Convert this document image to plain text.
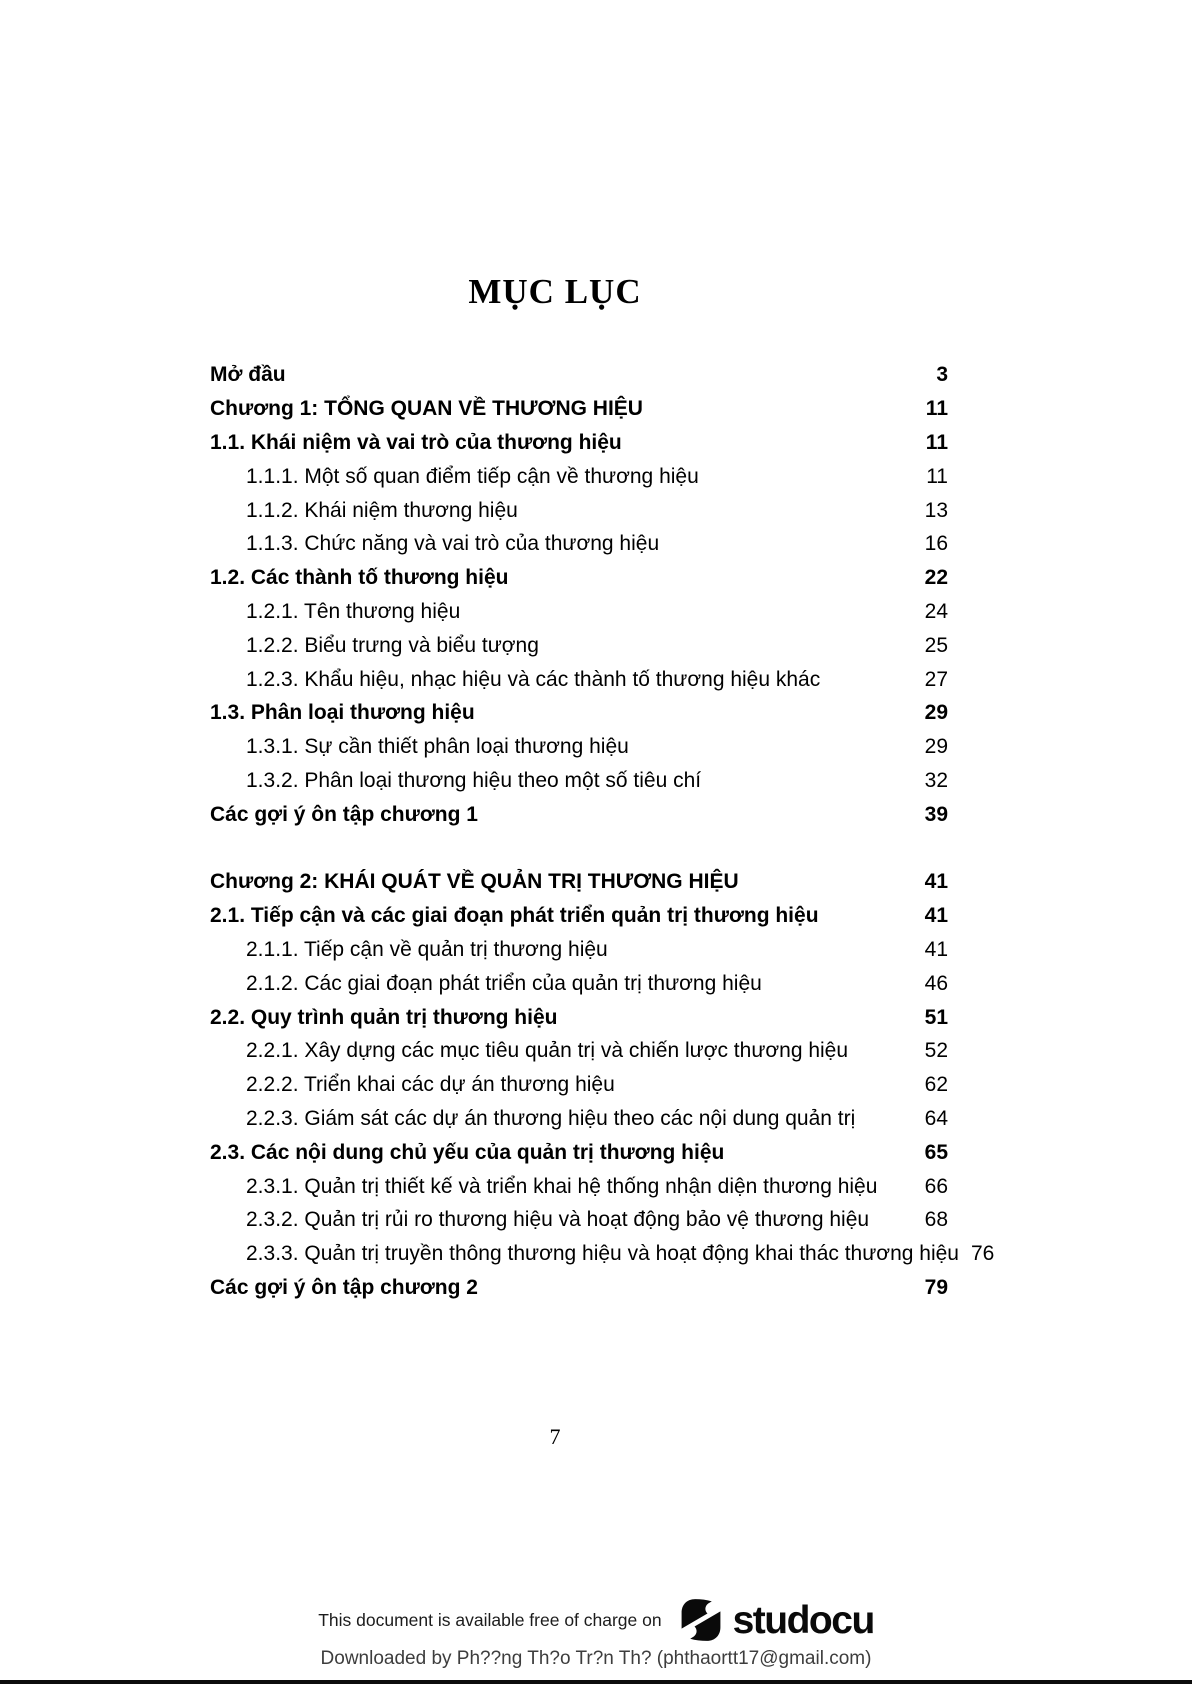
MỤC LỤC
Mở đầu	3
Chương 1: TỔNG QUAN VỀ THƯƠNG HIỆU	11
1.1. Khái niệm và vai trò của thương hiệu	11
1.1.1. Một số quan điểm tiếp cận về thương hiệu	11
1.1.2. Khái niệm thương hiệu	13
1.1.3. Chức năng và vai trò của thương hiệu	16
1.2. Các thành tố thương hiệu	22
1.2.1. Tên thương hiệu	24
1.2.2. Biểu trưng và biểu tượng	25
1.2.3. Khẩu hiệu, nhạc hiệu và các thành tố thương hiệu khác	27
1.3. Phân loại thương hiệu	29
1.3.1. Sự cần thiết phân loại thương hiệu	29
1.3.2. Phân loại thương hiệu theo một số tiêu chí	32
Các gợi ý ôn tập chương 1	39
Chương 2: KHÁI QUÁT VỀ QUẢN TRỊ THƯƠNG HIỆU	41
2.1. Tiếp cận và các giai đoạn phát triển quản trị thương hiệu	41
2.1.1. Tiếp cận về quản trị thương hiệu	41
2.1.2. Các giai đoạn phát triển của quản trị thương hiệu	46
2.2. Quy trình quản trị thương hiệu	51
2.2.1. Xây dựng các mục tiêu quản trị và chiến lược thương hiệu	52
2.2.2. Triển khai các dự án thương hiệu	62
2.2.3. Giám sát các dự án thương hiệu theo các nội dung quản trị	64
2.3. Các nội dung chủ yếu của quản trị thương hiệu	65
2.3.1. Quản trị thiết kế và triển khai hệ thống nhận diện thương hiệu	66
2.3.2. Quản trị rủi ro thương hiệu và hoạt động bảo vệ thương hiệu	68
2.3.3. Quản trị truyền thông thương hiệu và hoạt động khai thác thương hiệu 76
Các gợi ý ôn tập chương 2	79
7
This document is available free of charge on studocu
Downloaded by Ph??ng Th?o Tr?n Th? (phthaortt17@gmail.com)
